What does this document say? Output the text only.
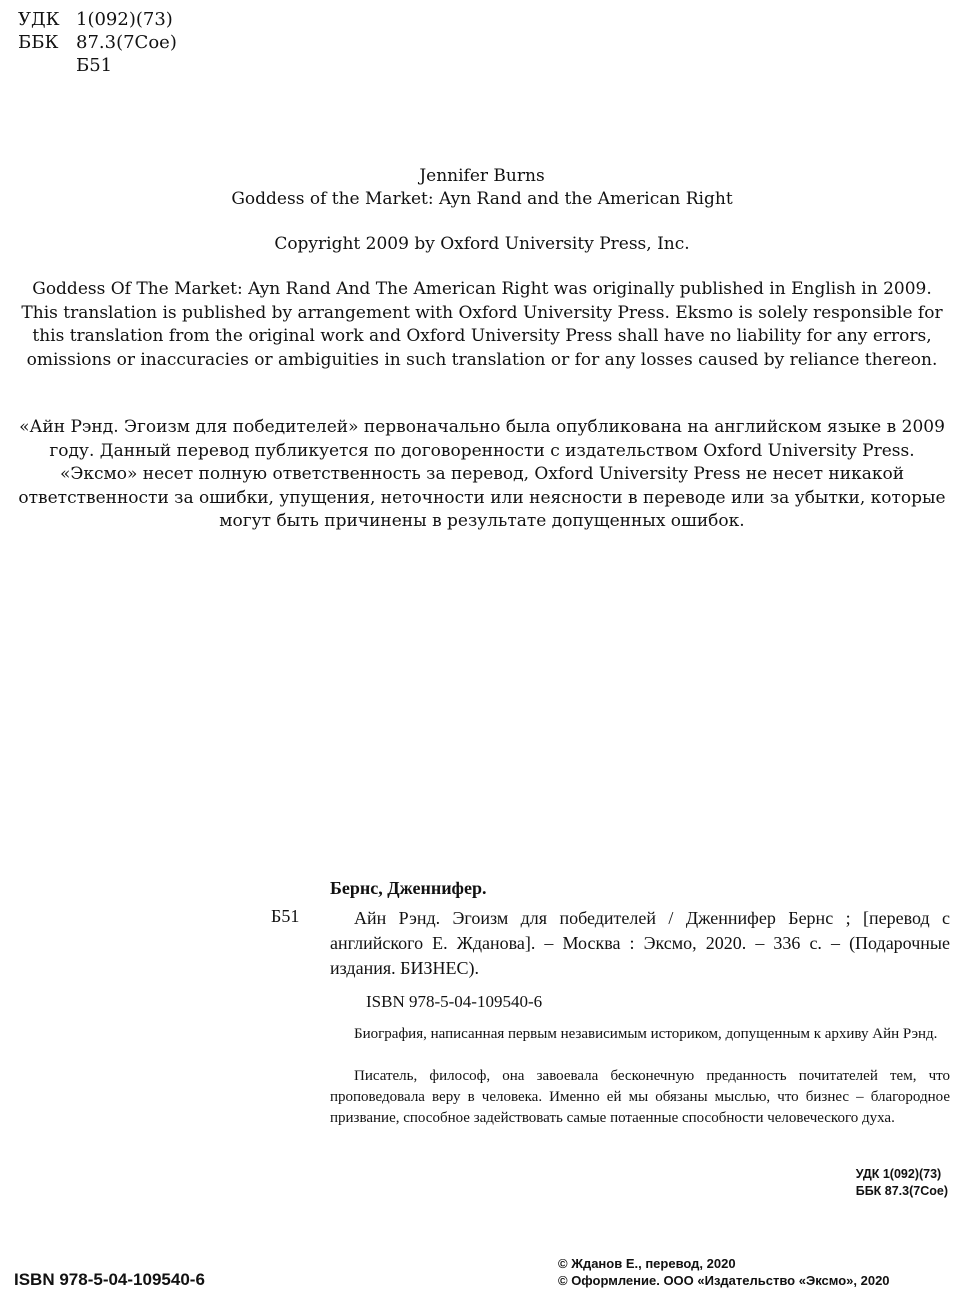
УДК 1(092)(73)
ББК 87.3(7Сое)
Б51
Jennifer Burns
Goddess of the Market: Ayn Rand and the American Right
Copyright 2009 by Oxford University Press, Inc.
Goddess Of The Market: Ayn Rand And The American Right was originally published in English in 2009. This translation is published by arrangement with Oxford University Press. Eksmo is solely responsible for this translation from the original work and Oxford University Press shall have no liability for any errors, omissions or inaccuracies or ambiguities in such translation or for any losses caused by reliance thereon.
«Айн Рэнд. Эгоизм для победителей» первоначально была опубликована на английском языке в 2009 году. Данный перевод публикуется по договоренности с издательством Oxford University Press. «Эксмо» несет полную ответственность за перевод, Oxford University Press не несет никакой ответственности за ошибки, упущения, неточности или неясности в переводе или за убытки, которые могут быть причинены в результате допущенных ошибок.
Бернс, Дженнифер.
Б51	Айн Рэнд. Эгоизм для победителей / Дженнифер Бернс ; [перевод с английского Е. Жданова]. – Москва : Эксмо, 2020. – 336 с. – (Подарочные издания. БИЗНЕС).
ISBN 978-5-04-109540-6

Биография, написанная первым независимым историком, допущенным к архиву Айн Рэнд.

Писатель, философ, она завоевала бесконечную преданность почитателей тем, что проповедовала веру в человека. Именно ей мы обязаны мыслью, что бизнес – благородное призвание, способное задействовать самые потаенные способности человеческого духа.

УДК 1(092)(73)
ББК 87.3(7Сое)
ISBN 978-5-04-109540-6
© Жданов Е., перевод, 2020
© Оформление. ООО «Издательство «Эксмо», 2020
